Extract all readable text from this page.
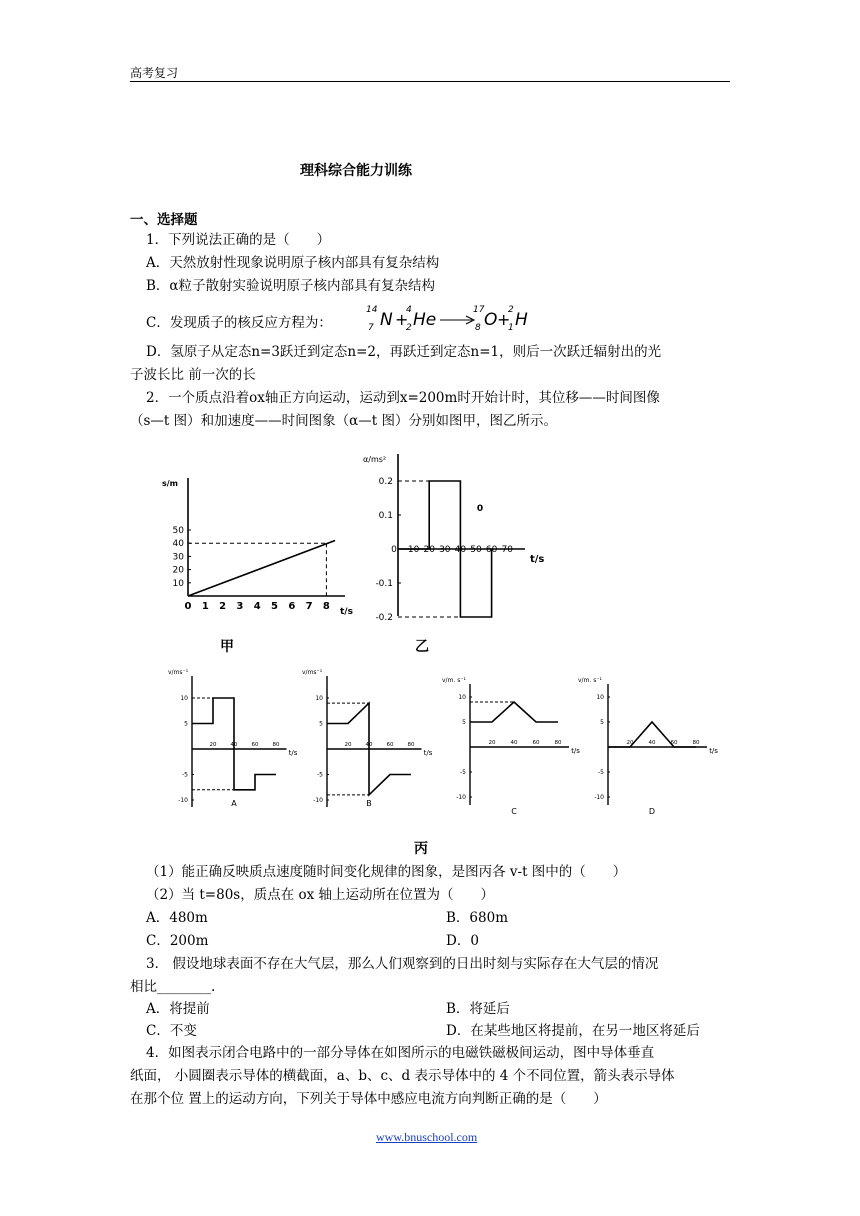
高考复习
理科综合能力训练
一、选择题
1．下列说法正确的是（　　）
A．天然放射性现象说明原子核内部具有复杂结构
B．α粒子散射实验说明原子核内部具有复杂结构
C．发现质子的核反应方程为：
14
7 N +
4
2 He	17
8 O +
2
1 H
D．氢原子从定态n=3跃迁到定态n=2，再跃迁到定态n=1，则后一次跃迁辐射出的光
子波长比 前一次的长
2．一个质点沿着ox轴正方向运动，运动到x=200m时开始计时，其位移——时间图像
（s—t 图）和加速度——时间图象（α—t 图）分别如图甲，图乙所示。
s/m
t/s
10
20
30
40
50
0 1 2 3 4 5 6 7 8
甲
α/ms²
t/s
0.2
0.1
-0.1
-0.2
0 10 20 30 40 50 60 70
0
乙
v/ms⁻¹
t/s
10
5
-5
-10
20	40	60	80
A
v/ms⁻¹
t/s
10
5
-5
-10
20	40	60	80
B
v/m. s⁻¹
t/s
10
5
-5
-10
20	40	60	80
C
v/m. s⁻¹
t/s
10
5
-5
-10
20	40	60	80
D
丙
（1）能正确反映质点速度随时间变化规律的图象，是图丙各 v-t 图中的（　　）
（2）当 t=80s，质点在 ox 轴上运动所在位置为（　　）
A．480m	B．680m
C．200m	D．0
3． 假设地球表面不存在大气层，那么人们观察到的日出时刻与实际存在大气层的情况
相比________.
A．将提前	B．将延后
C．不变	D．在某些地区将提前，在另一地区将延后
4．如图表示闭合电路中的一部分导体在如图所示的电磁铁磁极间运动，图中导体垂直
纸面， 小圆圈表示导体的横截面，a、b、c、d 表示导体中的 4 个不同位置，箭头表示导体
在那个位 置上的运动方向，下列关于导体中感应电流方向判断正确的是（　　）
www.bnuschool.com
